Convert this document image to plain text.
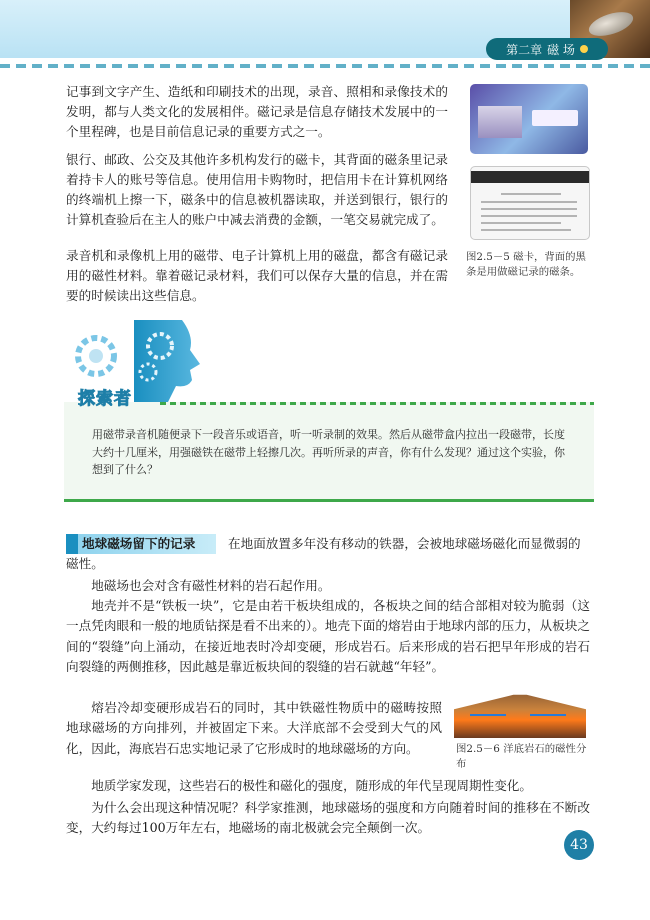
第二章 磁 场

记事到文字产生、造纸和印刷技术的出现，录音、照相和录像技术的发明，都与人类文化的发展相伴。磁记录是信息存储技术发展中的一个里程碑，也是目前信息记录的重要方式之一。

银行、邮政、公交及其他许多机构发行的磁卡，其背面的磁条里记录着持卡人的账号等信息。使用信用卡购物时，把信用卡在计算机网络的终端机上擦一下，磁条中的信息被机器读取，并送到银行，银行的计算机查验后在主人的账户中减去消费的金额，一笔交易就完成了。

录音机和录像机上用的磁带、电子计算机上用的磁盘，都含有磁记录用的磁性材料。靠着磁记录材料，我们可以保存大量的信息，并在需要的时候读出这些信息。

图2.5－5 磁卡，背面的黑条是用做磁记录的磁条。

探索者

用磁带录音机随便录下一段音乐或语音，听一听录制的效果。然后从磁带盒内拉出一段磁带，长度大约十几厘米，用强磁铁在磁带上轻擦几次。再听所录的声音，你有什么发现？通过这个实验，你想到了什么？

地球磁场留下的记录	在地面放置多年没有移动的铁器，会被地球磁场磁化而显微弱的

磁性。

地磁场也会对含有磁性材料的岩石起作用。

地壳并不是“铁板一块”，它是由若干板块组成的，各板块之间的结合部相对较为脆弱（这一点凭肉眼和一般的地质钻探是看不出来的）。地壳下面的熔岩由于地球内部的压力，从板块之间的“裂缝”向上涌动，在接近地表时冷却变硬，形成岩石。后来形成的岩石把早年形成的岩石向裂缝的两侧推移，因此越是靠近板块间的裂缝的岩石就越“年轻”。

熔岩冷却变硬形成岩石的同时，其中铁磁性物质中的磁畴按照地球磁场的方向排列，并被固定下来。大洋底部不会受到大气的风化，因此，海底岩石忠实地记录了它形成时的地球磁场的方向。

地质学家发现，这些岩石的极性和磁化的强度，随形成的年代呈现周期性变化。

为什么会出现这种情况呢？科学家推测，地球磁场的强度和方向随着时间的推移在不断改变，大约每过100万年左右，地磁场的南北极就会完全颠倒一次。

图2.5－6 洋底岩石的磁性分布

43
